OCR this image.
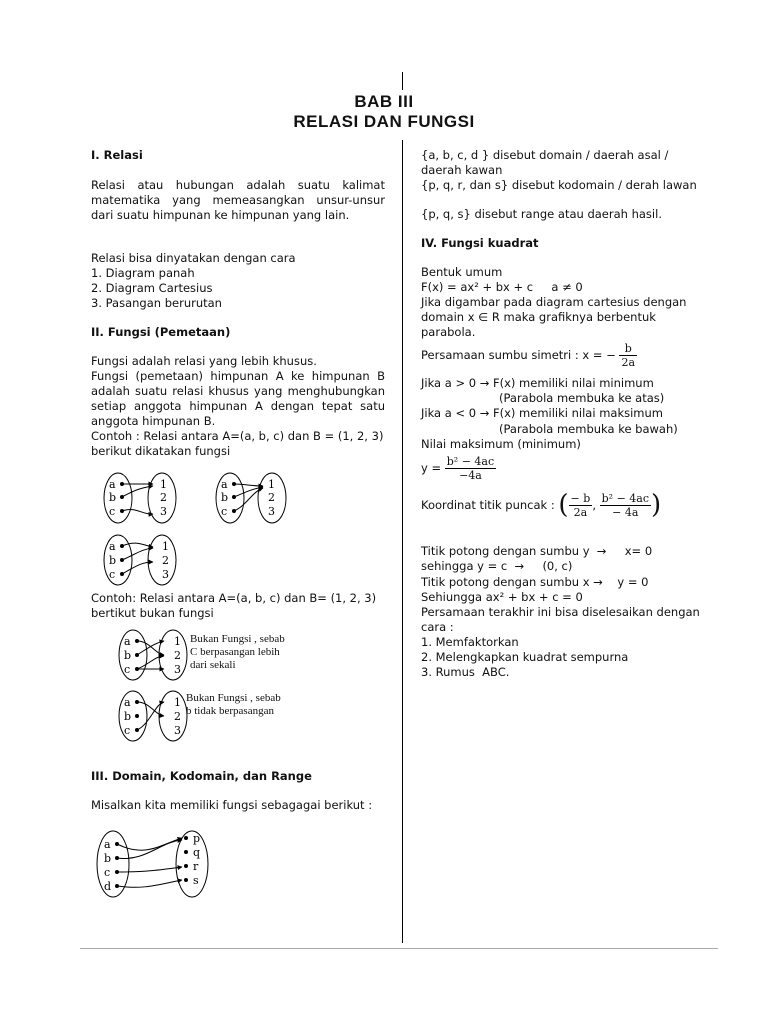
BAB III
RELASI DAN FUNGSI
I. Relasi

Relasi atau hubungan adalah suatu kalimat matematika yang memeasangkan unsur-unsur dari suatu himpunan ke himpunan yang lain.

Relasi bisa dinyatakan dengan cara
1. Diagram panah
2. Diagram Cartesius
3. Pasangan berurutan
II. Fungsi (Pemetaan)
Fungsi adalah relasi yang lebih khusus.

Fungsi (pemetaan) himpunan A ke himpunan B adalah suatu relasi khusus yang menghubungkan setiap anggota himpunan A dengan tepat satu anggota himpunan B.

Contoh : Relasi antara A=(a, b, c) dan B = (1, 2, 3) berikut dikatakan fungsi

Contoh: Relasi antara A=(a, b, c) dan B= (1, 2, 3) bertikut bukan fungsi

III. Domain, Kodomain, dan Range

Misalkan kita memiliki fungsi sebagagai berikut :

a
b
c
1
2
3
a
b
c
1
2
3
a
b
c
1
2
3
a
b
c
1
2
3
a
b
c
1
2
3
a
b
c
d
p
q
r
s
Bukan Fungsi , sebab
C berpasangan lebih
dari sekali
Bukan Fungsi , sebab
b tidak berpasangan

{a, b, c, d } disebut domain / daerah asal / daerah kawan

{p, q, r, dan s} disebut kodomain / derah lawan

{p, q, s} disebut range atau daerah hasil.

IV. Fungsi kuadrat
Bentuk umum
F(x) = ax² + bx + c     a ≠ 0

Jika digambar pada diagram cartesius dengan domain x ∈ R maka grafiknya berbentuk parabola.

Persamaan sumbu simetri : x = − $\frac{b}{2a}$
Jika a > 0 → F(x) memiliki nilai minimum
(Parabola membuka ke atas)
Jika a < 0 → F(x) memiliki nilai maksimum
(Parabola membuka ke bawah)
Nilai maksimum (minimum)
$y = \frac{\text{b² − 4ac}}{-4a}$
Koordinat titik puncak : ( $\frac{- b}{2a}$ , $\frac{\text{b² − 4ac}}{- 4a}$ )
Titik potong dengan sumbu y  →     x= 0
sehingga y = c  →     (0, c)
Titik potong dengan sumbu x →    y = 0
Sehiungga ax² + bx + c = 0

Persamaan terakhir ini bisa diselesaikan dengan cara :

1. Memfaktorkan
2. Melengkapkan kuadrat sempurna
3. Rumus  ABC.
